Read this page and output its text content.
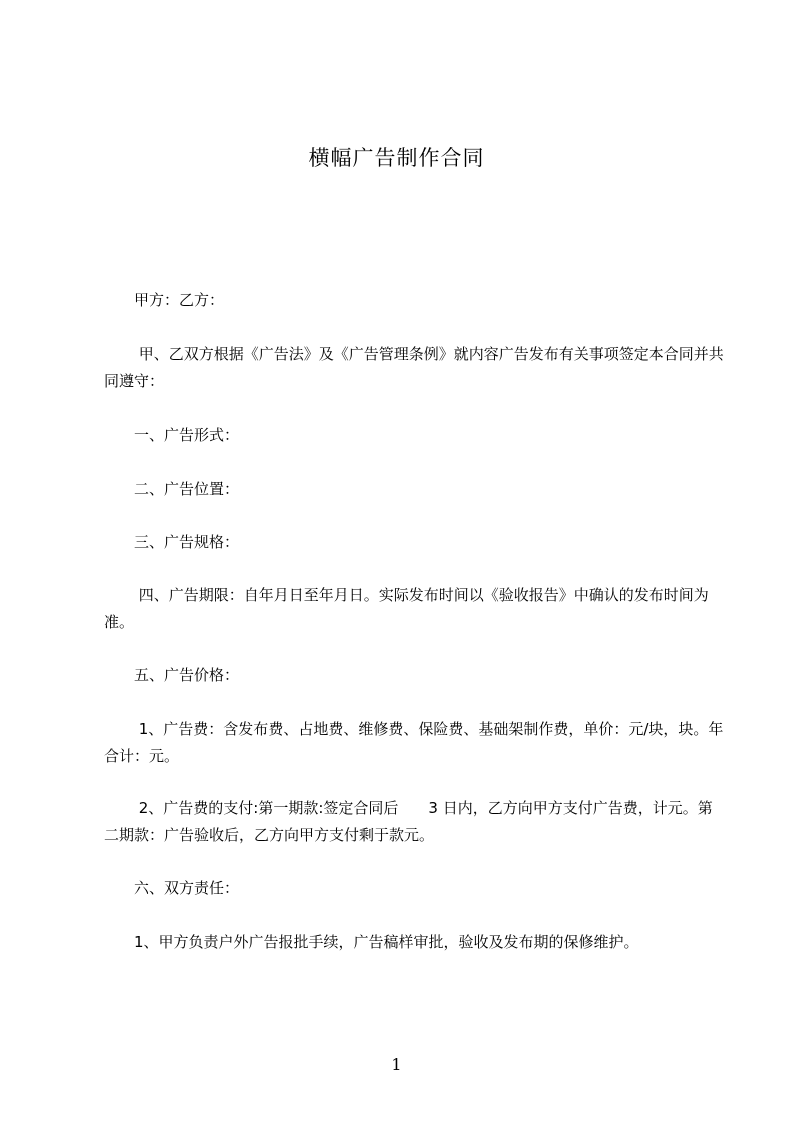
横幅广告制作合同

　　甲方：乙方：

　　 甲、乙双方根据《广告法》及《广告管理条例》就内容广告发布有关事项签定本合同并共同遵守：

　　一、广告形式：

　　二、广告位置：

　　三、广告规格：

　　 四、广告期限：自年月日至年月日。实际发布时间以《验收报告》中确认的发布时间为准。

　　五、广告价格：

　　 1、广告费：含发布费、占地费、维修费、保险费、基础架制作费，单价：元/块，块。年合计：元。

　　 2、广告费的支付:第一期款:签定合同后　　3 日内，乙方向甲方支付广告费，计元。第二期款：广告验收后，乙方向甲方支付剩于款元。

　　六、双方责任：

　　1、甲方负责户外广告报批手续，广告稿样审批，验收及发布期的保修维护。

1
